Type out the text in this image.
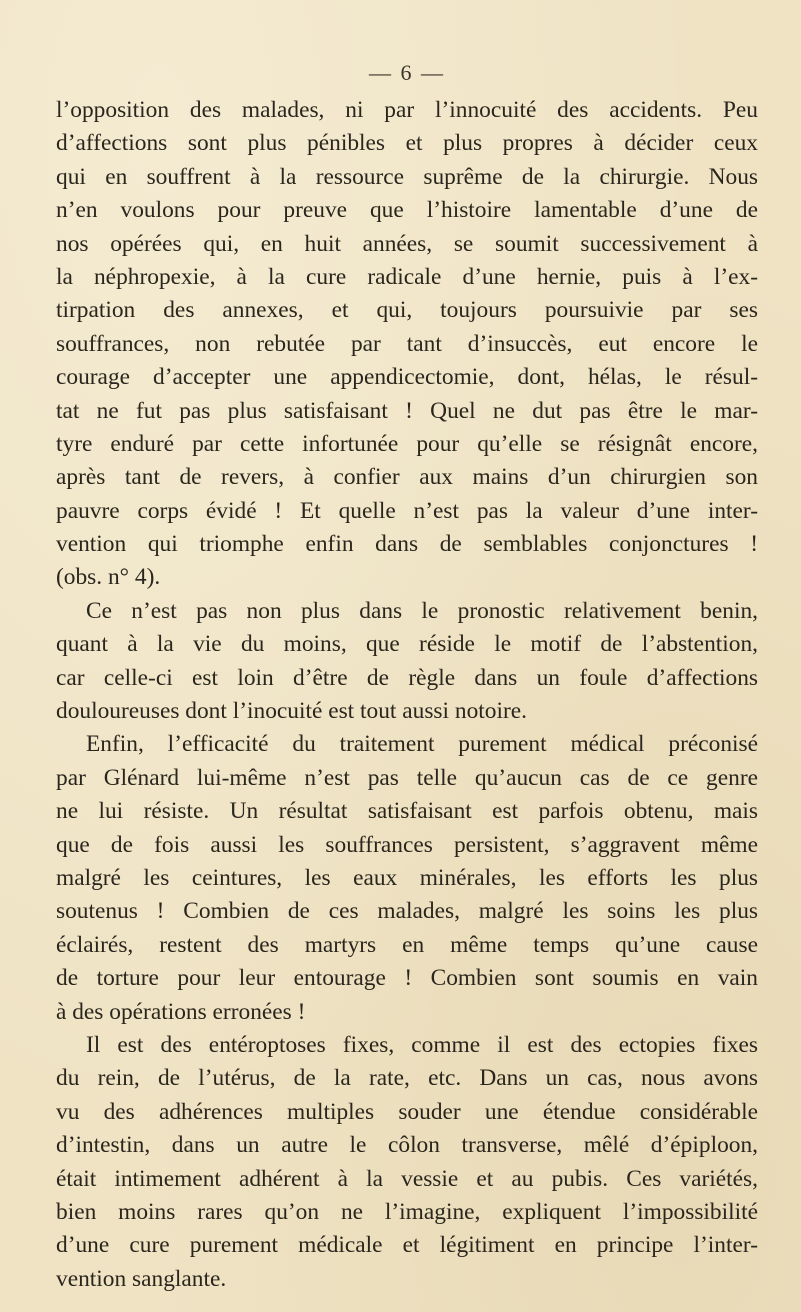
— 6 —
l’opposition des malades, ni par l’innocuité des accidents. Peu
d’affections sont plus pénibles et plus propres à décider ceux
qui en souffrent à la ressource suprême de la chirurgie. Nous
n’en voulons pour preuve que l’histoire lamentable d’une de
nos opérées qui, en huit années, se soumit successivement à
la néphropexie, à la cure radicale d’une hernie, puis à l’ex-
tirpation des annexes, et qui, toujours poursuivie par ses
souffrances, non rebutée par tant d’insuccès, eut encore le
courage d’accepter une appendicectomie, dont, hélas, le résul-
tat ne fut pas plus satisfaisant ! Quel ne dut pas être le mar-
tyre enduré par cette infortunée pour qu’elle se résignât encore,
après tant de revers, à confier aux mains d’un chirurgien son
pauvre corps évidé ! Et quelle n’est pas la valeur d’une inter-
vention qui triomphe enfin dans de semblables conjonctures !
(obs. n° 4).
Ce n’est pas non plus dans le pronostic relativement benin,
quant à la vie du moins, que réside le motif de l’abstention,
car celle-ci est loin d’être de règle dans un foule d’affections
douloureuses dont l’inocuité est tout aussi notoire.
Enfin, l’efficacité du traitement purement médical préconisé
par Glénard lui-même n’est pas telle qu’aucun cas de ce genre
ne lui résiste. Un résultat satisfaisant est parfois obtenu, mais
que de fois aussi les souffrances persistent, s’aggravent même
malgré les ceintures, les eaux minérales, les efforts les plus
soutenus ! Combien de ces malades, malgré les soins les plus
éclairés, restent des martyrs en même temps qu’une cause
de torture pour leur entourage ! Combien sont soumis en vain
à des opérations erronées !
Il est des entéroptoses fixes, comme il est des ectopies fixes
du rein, de l’utérus, de la rate, etc. Dans un cas, nous avons
vu des adhérences multiples souder une étendue considérable
d’intestin, dans un autre le côlon transverse, mêlé d’épiploon,
était intimement adhérent à la vessie et au pubis. Ces variétés,
bien moins rares qu’on ne l’imagine, expliquent l’impossibilité
d’une cure purement médicale et légitiment en principe l’inter-
vention sanglante.
